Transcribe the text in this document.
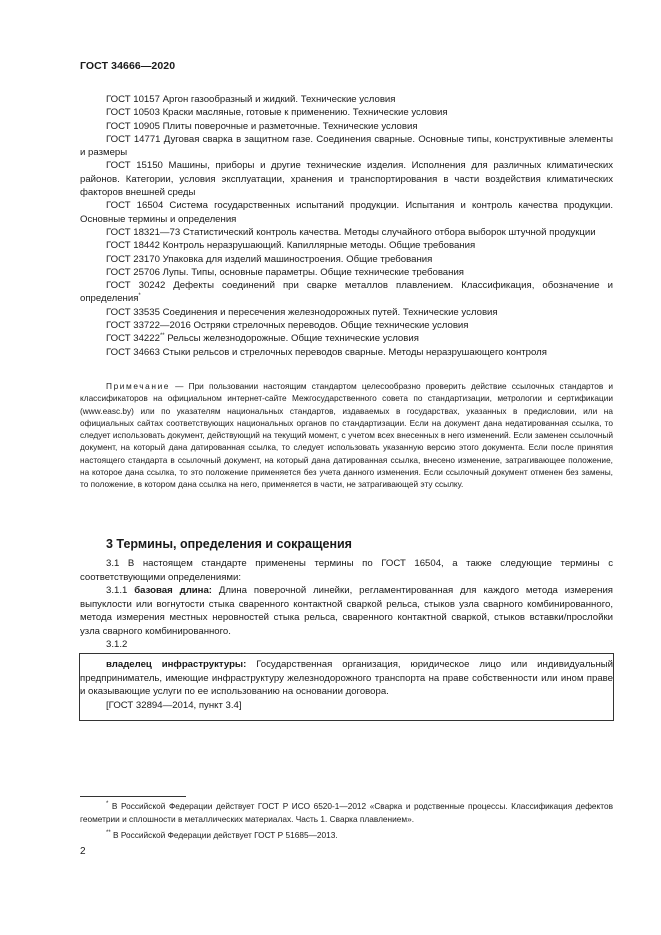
ГОСТ 34666—2020
ГОСТ 10157 Аргон газообразный и жидкий. Технические условия
ГОСТ 10503 Краски масляные, готовые к применению. Технические условия
ГОСТ 10905 Плиты поверочные и разметочные. Технические условия
ГОСТ 14771 Дуговая сварка в защитном газе. Соединения сварные. Основные типы, конструктивные элементы и размеры
ГОСТ 15150 Машины, приборы и другие технические изделия. Исполнения для различных климатических районов. Категории, условия эксплуатации, хранения и транспортирования в части воздействия климатических факторов внешней среды
ГОСТ 16504 Система государственных испытаний продукции. Испытания и контроль качества продукции. Основные термины и определения
ГОСТ 18321—73 Статистический контроль качества. Методы случайного отбора выборок штучной продукции
ГОСТ 18442 Контроль неразрушающий. Капиллярные методы. Общие требования
ГОСТ 23170 Упаковка для изделий машиностроения. Общие требования
ГОСТ 25706 Лупы. Типы, основные параметры. Общие технические требования
ГОСТ 30242 Дефекты соединений при сварке металлов плавлением. Классификация, обозначение и определения*
ГОСТ 33535 Соединения и пересечения железнодорожных путей. Технические условия
ГОСТ 33722—2016 Остряки стрелочных переводов. Общие технические условия
ГОСТ 34222** Рельсы железнодорожные. Общие технические условия
ГОСТ 34663 Стыки рельсов и стрелочных переводов сварные. Методы неразрушающего контроля
Примечание — При пользовании настоящим стандартом целесообразно проверить действие ссылочных стандартов и классификаторов на официальном интернет-сайте Межгосударственного совета по стандартизации, метрологии и сертификации (www.easc.by) или по указателям национальных стандартов, издаваемых в государствах, указанных в предисловии, или на официальных сайтах соответствующих национальных органов по стандартизации. Если на документ дана недатированная ссылка, то следует использовать документ, действующий на текущий момент, с учетом всех внесенных в него изменений. Если заменен ссылочный документ, на который дана датированная ссылка, то следует использовать указанную версию этого документа. Если после принятия настоящего стандарта в ссылочный документ, на который дана датированная ссылка, внесено изменение, затрагивающее положение, на которое дана ссылка, то это положение применяется без учета данного изменения. Если ссылочный документ отменен без замены, то положение, в котором дана ссылка на него, применяется в части, не затрагивающей эту ссылку.
3 Термины, определения и сокращения
3.1 В настоящем стандарте применены термины по ГОСТ 16504, а также следующие термины с соответствующими определениями:
3.1.1 базовая длина: Длина поверочной линейки, регламентированная для каждого метода измерения выпуклости или вогнутости стыка сваренного контактной сваркой рельса, стыков узла сварного комбинированного, метода измерения местных неровностей стыка рельса, сваренного контактной сваркой, стыков вставки/прослойки узла сварного комбинированного.
3.1.2
владелец инфраструктуры: Государственная организация, юридическое лицо или индивидуальный предприниматель, имеющие инфраструктуру железнодорожного транспорта на праве собственности или ином праве и оказывающие услуги по ее использованию на основании договора.
[ГОСТ 32894—2014, пункт 3.4]
* В Российской Федерации действует ГОСТ Р ИСО 6520-1—2012 «Сварка и родственные процессы. Классификация дефектов геометрии и сплошности в металлических материалах. Часть 1. Сварка плавлением».
** В Российской Федерации действует ГОСТ Р 51685—2013.
2
